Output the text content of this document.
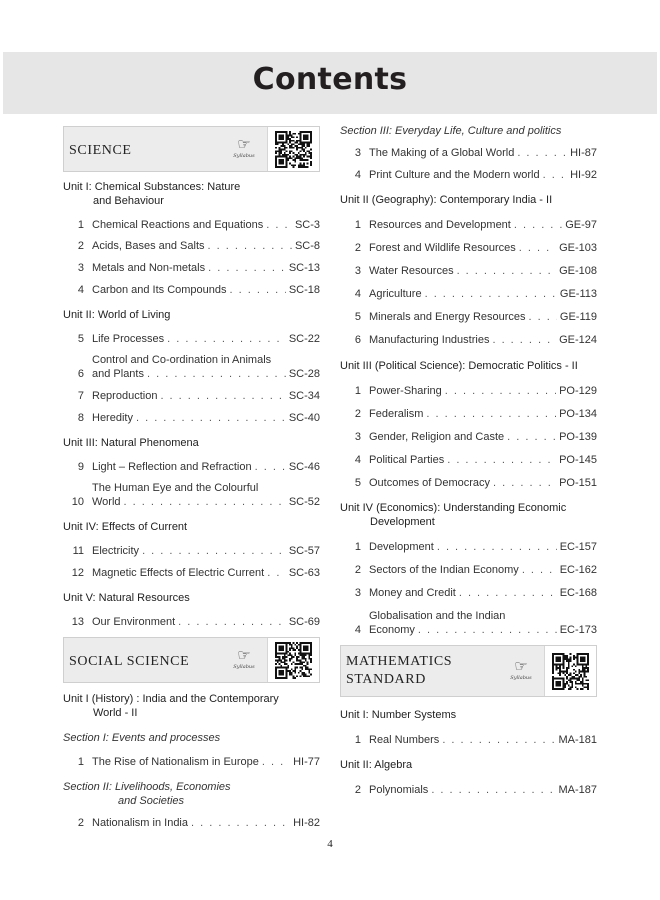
Contents
SCIENCE	☞
Syllabus
Unit I: Chemical Substances: Nature
and Behaviour
1 Chemical Reactions and Equations . . .	SC-3
2 Acids, Bases and Salts . . .	SC-8
3 Metals and Non-metals . . .	SC-13
4 Carbon and Its Compounds . . .	SC-18
Unit II: World of Living
5 Life Processes . . .	SC-22
6
Control and Co-ordination in Animals
and Plants . . .	SC-28
7 Reproduction . . .	SC-34
8 Heredity . . .	SC-40
Unit III: Natural Phenomena
9 Light – Reflection and Refraction . . .	SC-46
10
The Human Eye and the Colourful
World . . .	SC-52
Unit IV: Effects of Current
11 Electricity . . .	SC-57
12 Magnetic Effects of Electric Current . . . SC-63
Unit V: Natural Resources
13 Our Environment . . .	SC-69
SOCIAL SCIENCE	☞
Syllabus
Unit I (History) : India and the Contemporary
World - II
Section I: Events and processes
1 The Rise of Nationalism in Europe . . .	HI-77
Section II: Livelihoods, Economies
and Societies
2 Nationalism in India . . .	HI-82
Section III: Everyday Life, Culture and politics
3 The Making of a Global World . . .	HI-87
4 Print Culture and the Modern world . . .	HI-92
Unit II (Geography): Contemporary India - II
1 Resources and Development . . .	GE-97
2 Forest and Wildlife Resources . . .	GE-103
3 Water Resources . . .	GE-108
4 Agriculture . . .	GE-113
5 Minerals and Energy Resources . . .	GE-119
6 Manufacturing Industries . . .	GE-124
Unit III (Political Science): Democratic Politics - II
1 Power-Sharing . . .	PO-129
2 Federalism . . .	PO-134
3 Gender, Religion and Caste . . .	PO-139
4 Political Parties . . .	PO-145
5 Outcomes of Democracy . . .	PO-151
Unit IV (Economics): Understanding Economic
Development
1 Development . . .	EC-157
2 Sectors of the Indian Economy . . .	EC-162
3 Money and Credit . . .	EC-168
4
Globalisation and the Indian
Economy . . .	EC-173
MATHEMATICS
STANDARD
☞
Syllabus
Unit I: Number Systems
1 Real Numbers . . .	MA-181
Unit II: Algebra
2 Polynomials . . .	MA-187
4
